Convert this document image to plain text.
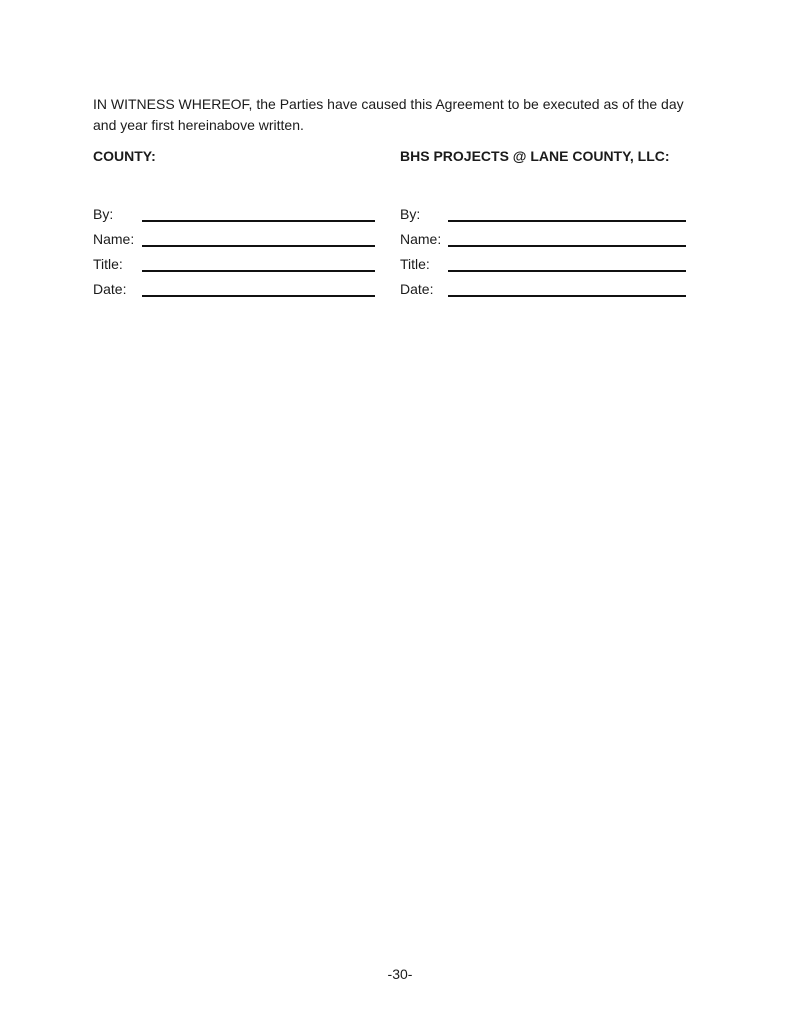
IN WITNESS WHEREOF, the Parties have caused this Agreement to be executed as of the day and year first hereinabove written.

COUNTY:	BHS PROJECTS @ LANE COUNTY, LLC:
By:
Name:
Title:
Date:
By:
Name:
Title:
Date:
-30-
